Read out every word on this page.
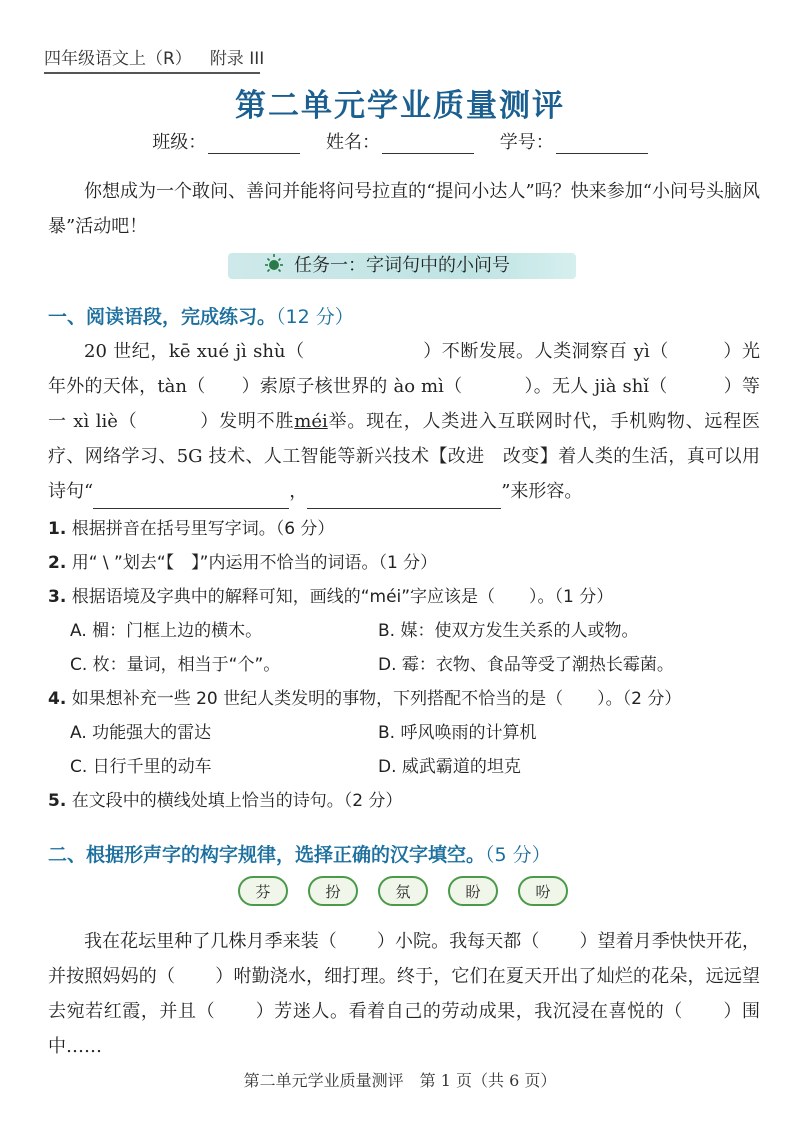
四年级语文上（R） 附录 III
第二单元学业质量测评
班级：	姓名：	学号：
你想成为一个敢问、善问并能将问号拉直的“提问小达人”吗？快来参加“小问号头脑风暴”活动吧！
任务一：字词句中的小问号
一、阅读语段，完成练习。（12 分）
20 世纪，kē xué jì shù（	）不断发展。人类洞察百 yì（	）光年外的天体，tàn（ ）索原子核世界的 ào mì（	）。无人 jià shǐ（	）等一 xì liè（	）发明不胜méi举。现在，人类进入互联网时代，手机购物、远程医疗、网络学习、5G 技术、人工智能等新兴技术【改进　改变】着人类的生活，真可以用诗句“	，	”来形容。
1. 根据拼音在括号里写字词。（6 分）
2. 用“ \ ”划去“【　】”内运用不恰当的词语。（1 分）
3. 根据语境及字典中的解释可知，画线的“méi”字应该是（　　）。（1 分）
A. 楣：门框上边的横木。	B. 媒：使双方发生关系的人或物。
C. 枚：量词，相当于“个”。	D. 霉：衣物、食品等受了潮热长霉菌。
4. 如果想补充一些 20 世纪人类发明的事物，下列搭配不恰当的是（　　）。（2 分）
A. 功能强大的雷达	B. 呼风唤雨的计算机
C. 日行千里的动车	D. 威武霸道的坦克
5. 在文段中的横线处填上恰当的诗句。（2 分）
二、根据形声字的构字规律，选择正确的汉字填空。（5 分）
芬	扮	氛	盼	吩
我在花坛里种了几株月季来装（ ）小院。我每天都（ ）望着月季快快开花，并按照妈妈的（ ）咐勤浇水，细打理。终于，它们在夏天开出了灿烂的花朵，远远望去宛若红霞，并且（ ）芳迷人。看着自己的劳动成果，我沉浸在喜悦的（ ）围中……
第二单元学业质量测评　第 1 页（共 6 页）
